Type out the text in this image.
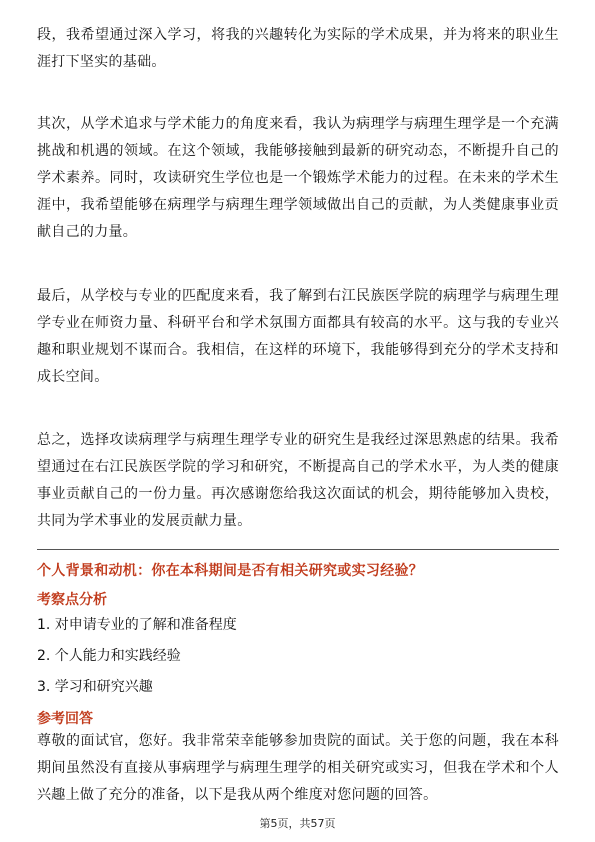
段，我希望通过深入学习，将我的兴趣转化为实际的学术成果，并为将来的职业生涯打下坚实的基础。

其次，从学术追求与学术能力的角度来看，我认为病理学与病理生理学是一个充满挑战和机遇的领域。在这个领域，我能够接触到最新的研究动态，不断提升自己的学术素养。同时，攻读研究生学位也是一个锻炼学术能力的过程。在未来的学术生涯中，我希望能够在病理学与病理生理学领域做出自己的贡献，为人类健康事业贡献自己的力量。

最后，从学校与专业的匹配度来看，我了解到右江民族医学院的病理学与病理生理学专业在师资力量、科研平台和学术氛围方面都具有较高的水平。这与我的专业兴趣和职业规划不谋而合。我相信，在这样的环境下，我能够得到充分的学术支持和成长空间。

总之，选择攻读病理学与病理生理学专业的研究生是我经过深思熟虑的结果。我希望通过在右江民族医学院的学习和研究，不断提高自己的学术水平，为人类的健康事业贡献自己的一份力量。再次感谢您给我这次面试的机会，期待能够加入贵校，共同为学术事业的发展贡献力量。

个人背景和动机：你在本科期间是否有相关研究或实习经验？
考察点分析
1. 对申请专业的了解和准备程度
2. 个人能力和实践经验
3. 学习和研究兴趣
参考回答

尊敬的面试官，您好。我非常荣幸能够参加贵院的面试。关于您的问题，我在本科期间虽然没有直接从事病理学与病理生理学的相关研究或实习，但我在学术和个人兴趣上做了充分的准备，以下是我从两个维度对您问题的回答。

第5页，共57页
